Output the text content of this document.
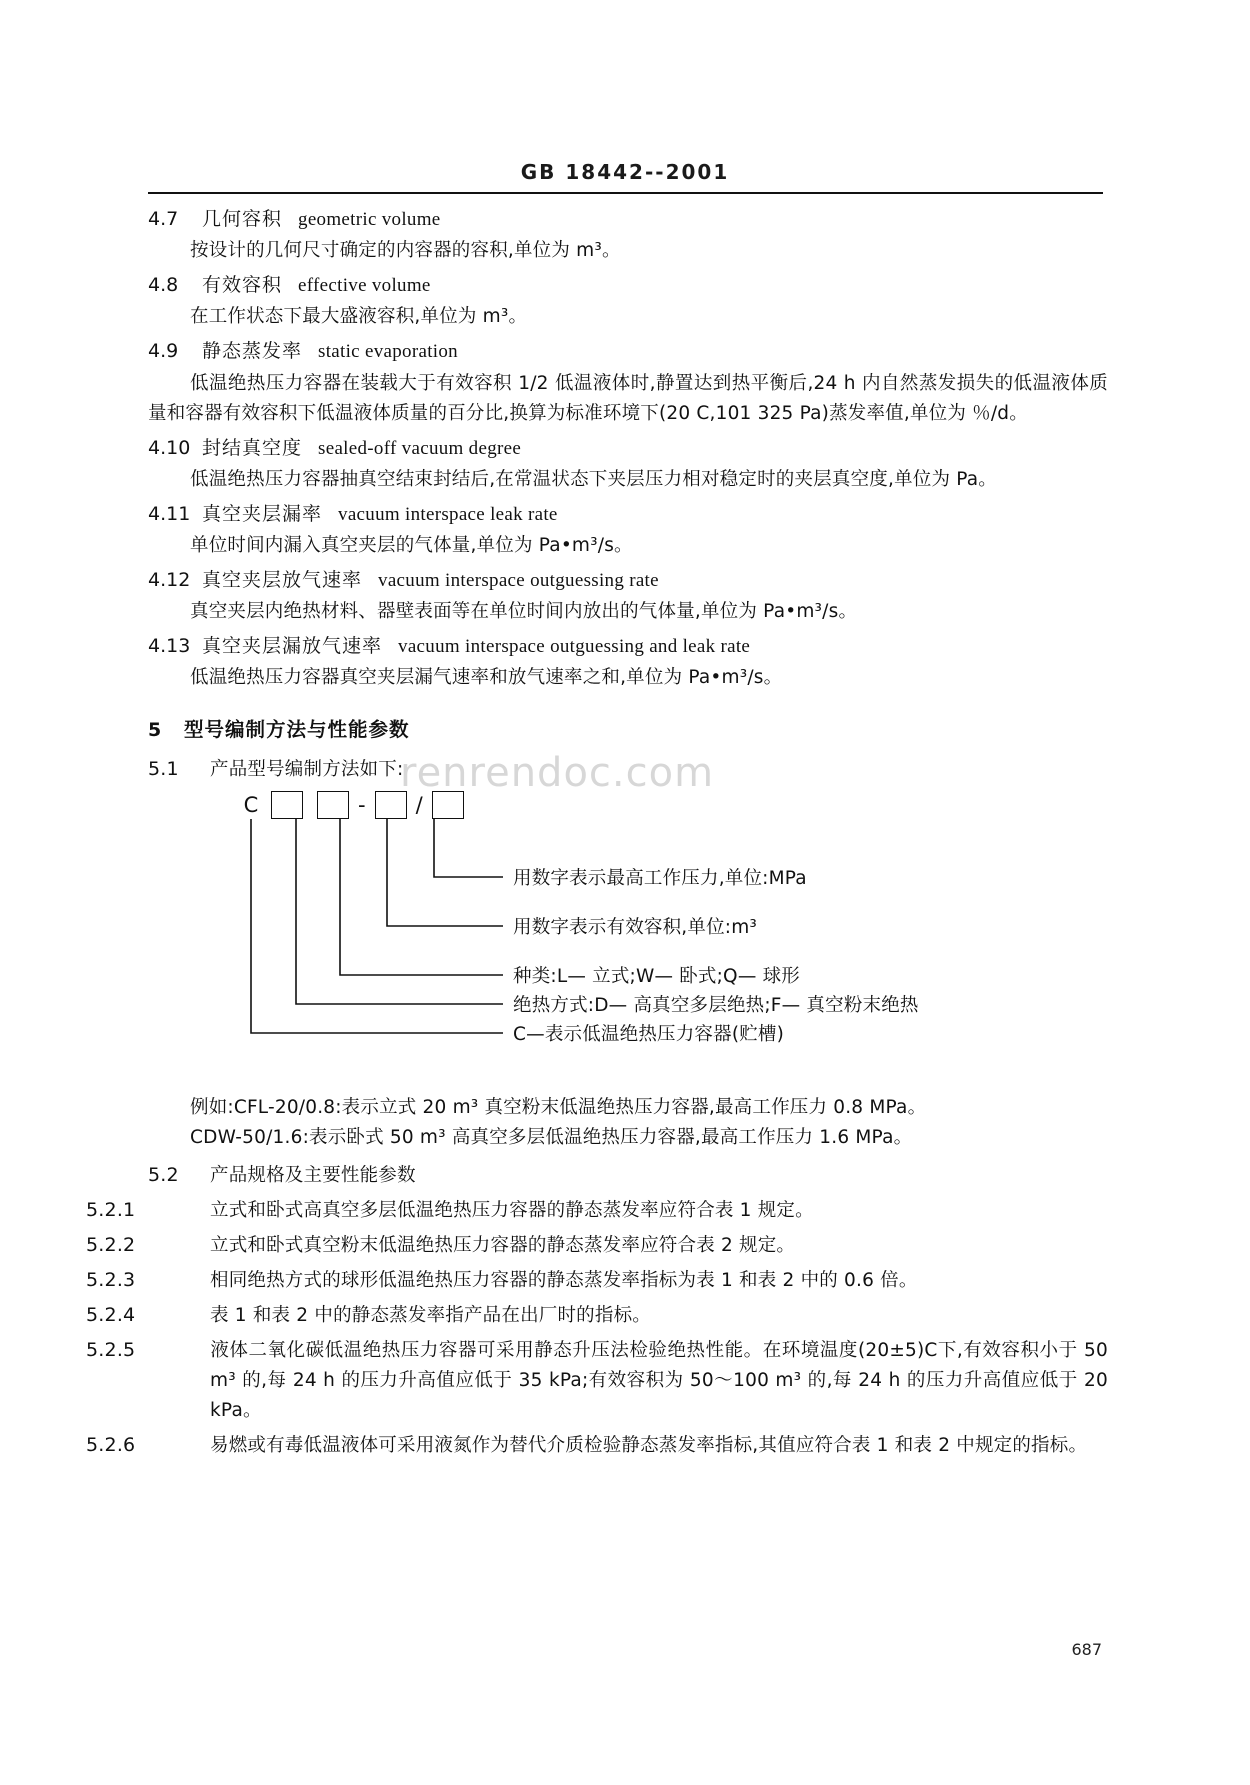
GB 18442--2001
renrendoc.com
4.7 几何容积 geometric volume
按设计的几何尺寸确定的内容器的容积,单位为 m³。
4.8 有效容积 effective volume
在工作状态下最大盛液容积,单位为 m³。
4.9 静态蒸发率 static evaporation
低温绝热压力容器在装载大于有效容积 1/2 低温液体时,静置达到热平衡后,24 h 内自然蒸发损失的低温液体质量和容器有效容积下低温液体质量的百分比,换算为标准环境下(20 C,101 325 Pa)蒸发率值,单位为 ％/d。
4.10 封结真空度 sealed-off vacuum degree
低温绝热压力容器抽真空结束封结后,在常温状态下夹层压力相对稳定时的夹层真空度,单位为 Pa。
4.11 真空夹层漏率 vacuum interspace leak rate
单位时间内漏入真空夹层的气体量,单位为 Pa•m³/s。
4.12 真空夹层放气速率 vacuum interspace outguessing rate
真空夹层内绝热材料、器壁表面等在单位时间内放出的气体量,单位为 Pa•m³/s。
4.13 真空夹层漏放气速率 vacuum interspace outguessing and leak rate
低温绝热压力容器真空夹层漏气速率和放气速率之和,单位为 Pa•m³/s。
5 型号编制方法与性能参数
5.1 产品型号编制方法如下:
C	- /
用数字表示最高工作压力,单位:MPa
用数字表示有效容积,单位:m³
种类:L— 立式;W— 卧式;Q— 球形
绝热方式:D— 高真空多层绝热;F— 真空粉末绝热
C—表示低温绝热压力容器(贮槽)
例如:CFL-20/0.8:表示立式 20 m³ 真空粉末低温绝热压力容器,最高工作压力 0.8 MPa。
CDW-50/1.6:表示卧式 50 m³ 高真空多层低温绝热压力容器,最高工作压力 1.6 MPa。
5.2 产品规格及主要性能参数
5.2.1	立式和卧式高真空多层低温绝热压力容器的静态蒸发率应符合表 1 规定。
5.2.2	立式和卧式真空粉末低温绝热压力容器的静态蒸发率应符合表 2 规定。
5.2.3	相同绝热方式的球形低温绝热压力容器的静态蒸发率指标为表 1 和表 2 中的 0.6 倍。
5.2.4	表 1 和表 2 中的静态蒸发率指产品在出厂时的指标。
5.2.5	液体二氧化碳低温绝热压力容器可采用静态升压法检验绝热性能。在环境温度(20±5)C下,有效容积小于 50 m³ 的,每 24 h 的压力升高值应低于 35 kPa;有效容积为 50～100 m³ 的,每 24 h 的压力升高值应低于 20 kPa。
5.2.6	易燃或有毒低温液体可采用液氮作为替代介质检验静态蒸发率指标,其值应符合表 1 和表 2 中规定的指标。
687
